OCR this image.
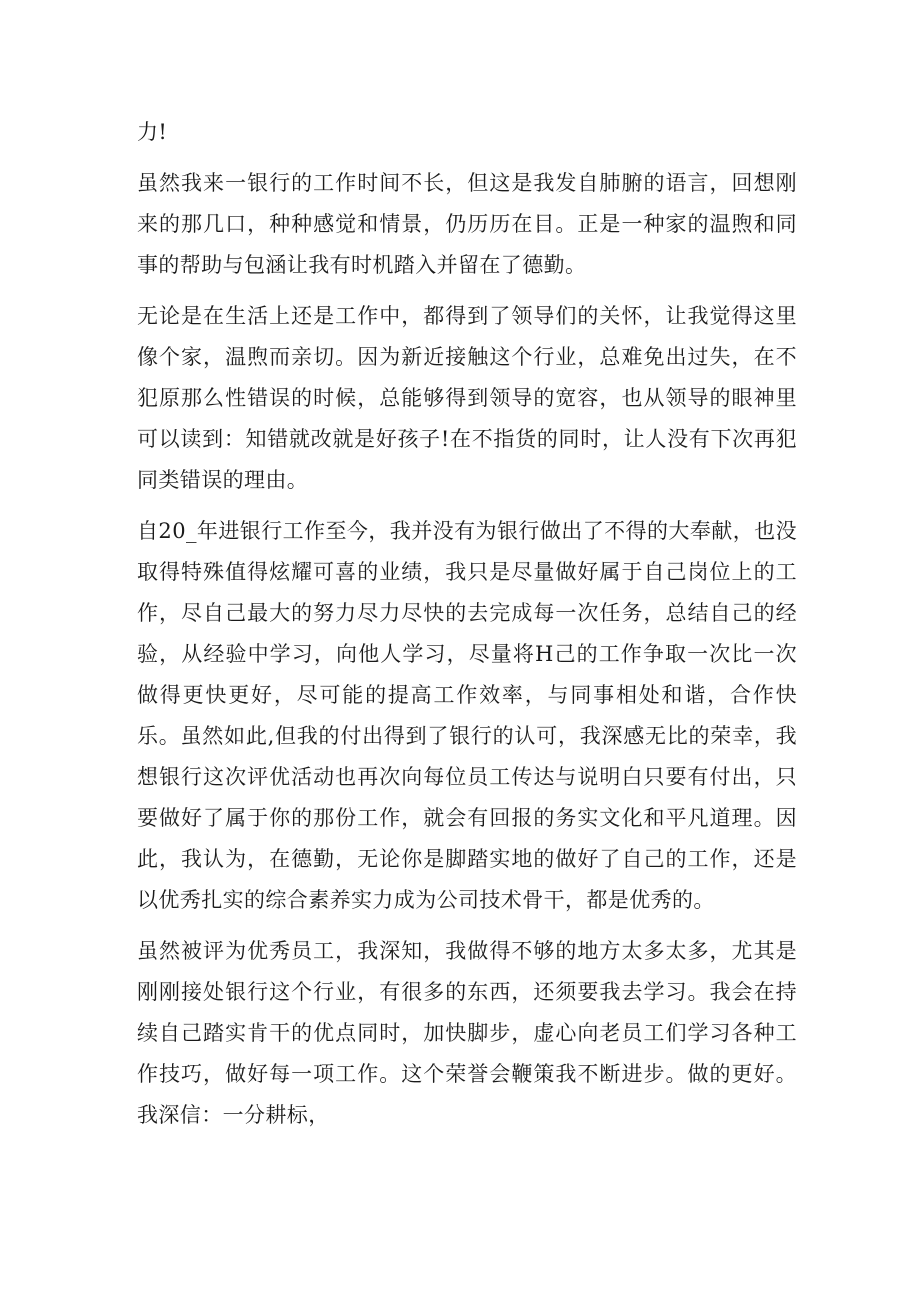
力!

虽然我来一银行的工作时间不长，但这是我发自肺腑的语言，回想刚来的那几口，种种感觉和情景，仍历历在目。正是一种家的温煦和同事的帮助与包涵让我有时机踏入并留在了德勤。

无论是在生活上还是工作中，都得到了领导们的关怀，让我觉得这里像个家，温煦而亲切。因为新近接触这个行业，总难免出过失，在不犯原那么性错误的时候，总能够得到领导的宽容，也从领导的眼神里可以读到：知错就改就是好孩子!在不指货的同时，让人没有下次再犯同类错误的理由。

自20_年进银行工作至今，我并没有为银行做出了不得的大奉献，也没取得特殊值得炫耀可喜的业绩，我只是尽量做好属于自己岗位上的工作，尽自己最大的努力尽力尽快的去完成每一次任务，总结自己的经验，从经验中学习，向他人学习，尽量将H己的工作争取一次比一次做得更快更好，尽可能的提高工作效率，与同事相处和谐，合作快乐。虽然如此,但我的付出得到了银行的认可，我深感无比的荣幸，我想银行这次评优活动也再次向每位员工传达与说明白只要有付出，只要做好了属于你的那份工作，就会有回报的务实文化和平凡道理。因此，我认为，在德勤，无论你是脚踏实地的做好了自己的工作，还是以优秀扎实的综合素养实力成为公司技术骨干，都是优秀的。

虽然被评为优秀员工，我深知，我做得不够的地方太多太多，尤其是刚刚接处银行这个行业，有很多的东西，还须要我去学习。我会在持续自己踏实肯干的优点同时，加快脚步，虚心向老员工们学习各种工作技巧，做好每一项工作。这个荣誉会鞭策我不断进步。做的更好。我深信：一分耕标，
